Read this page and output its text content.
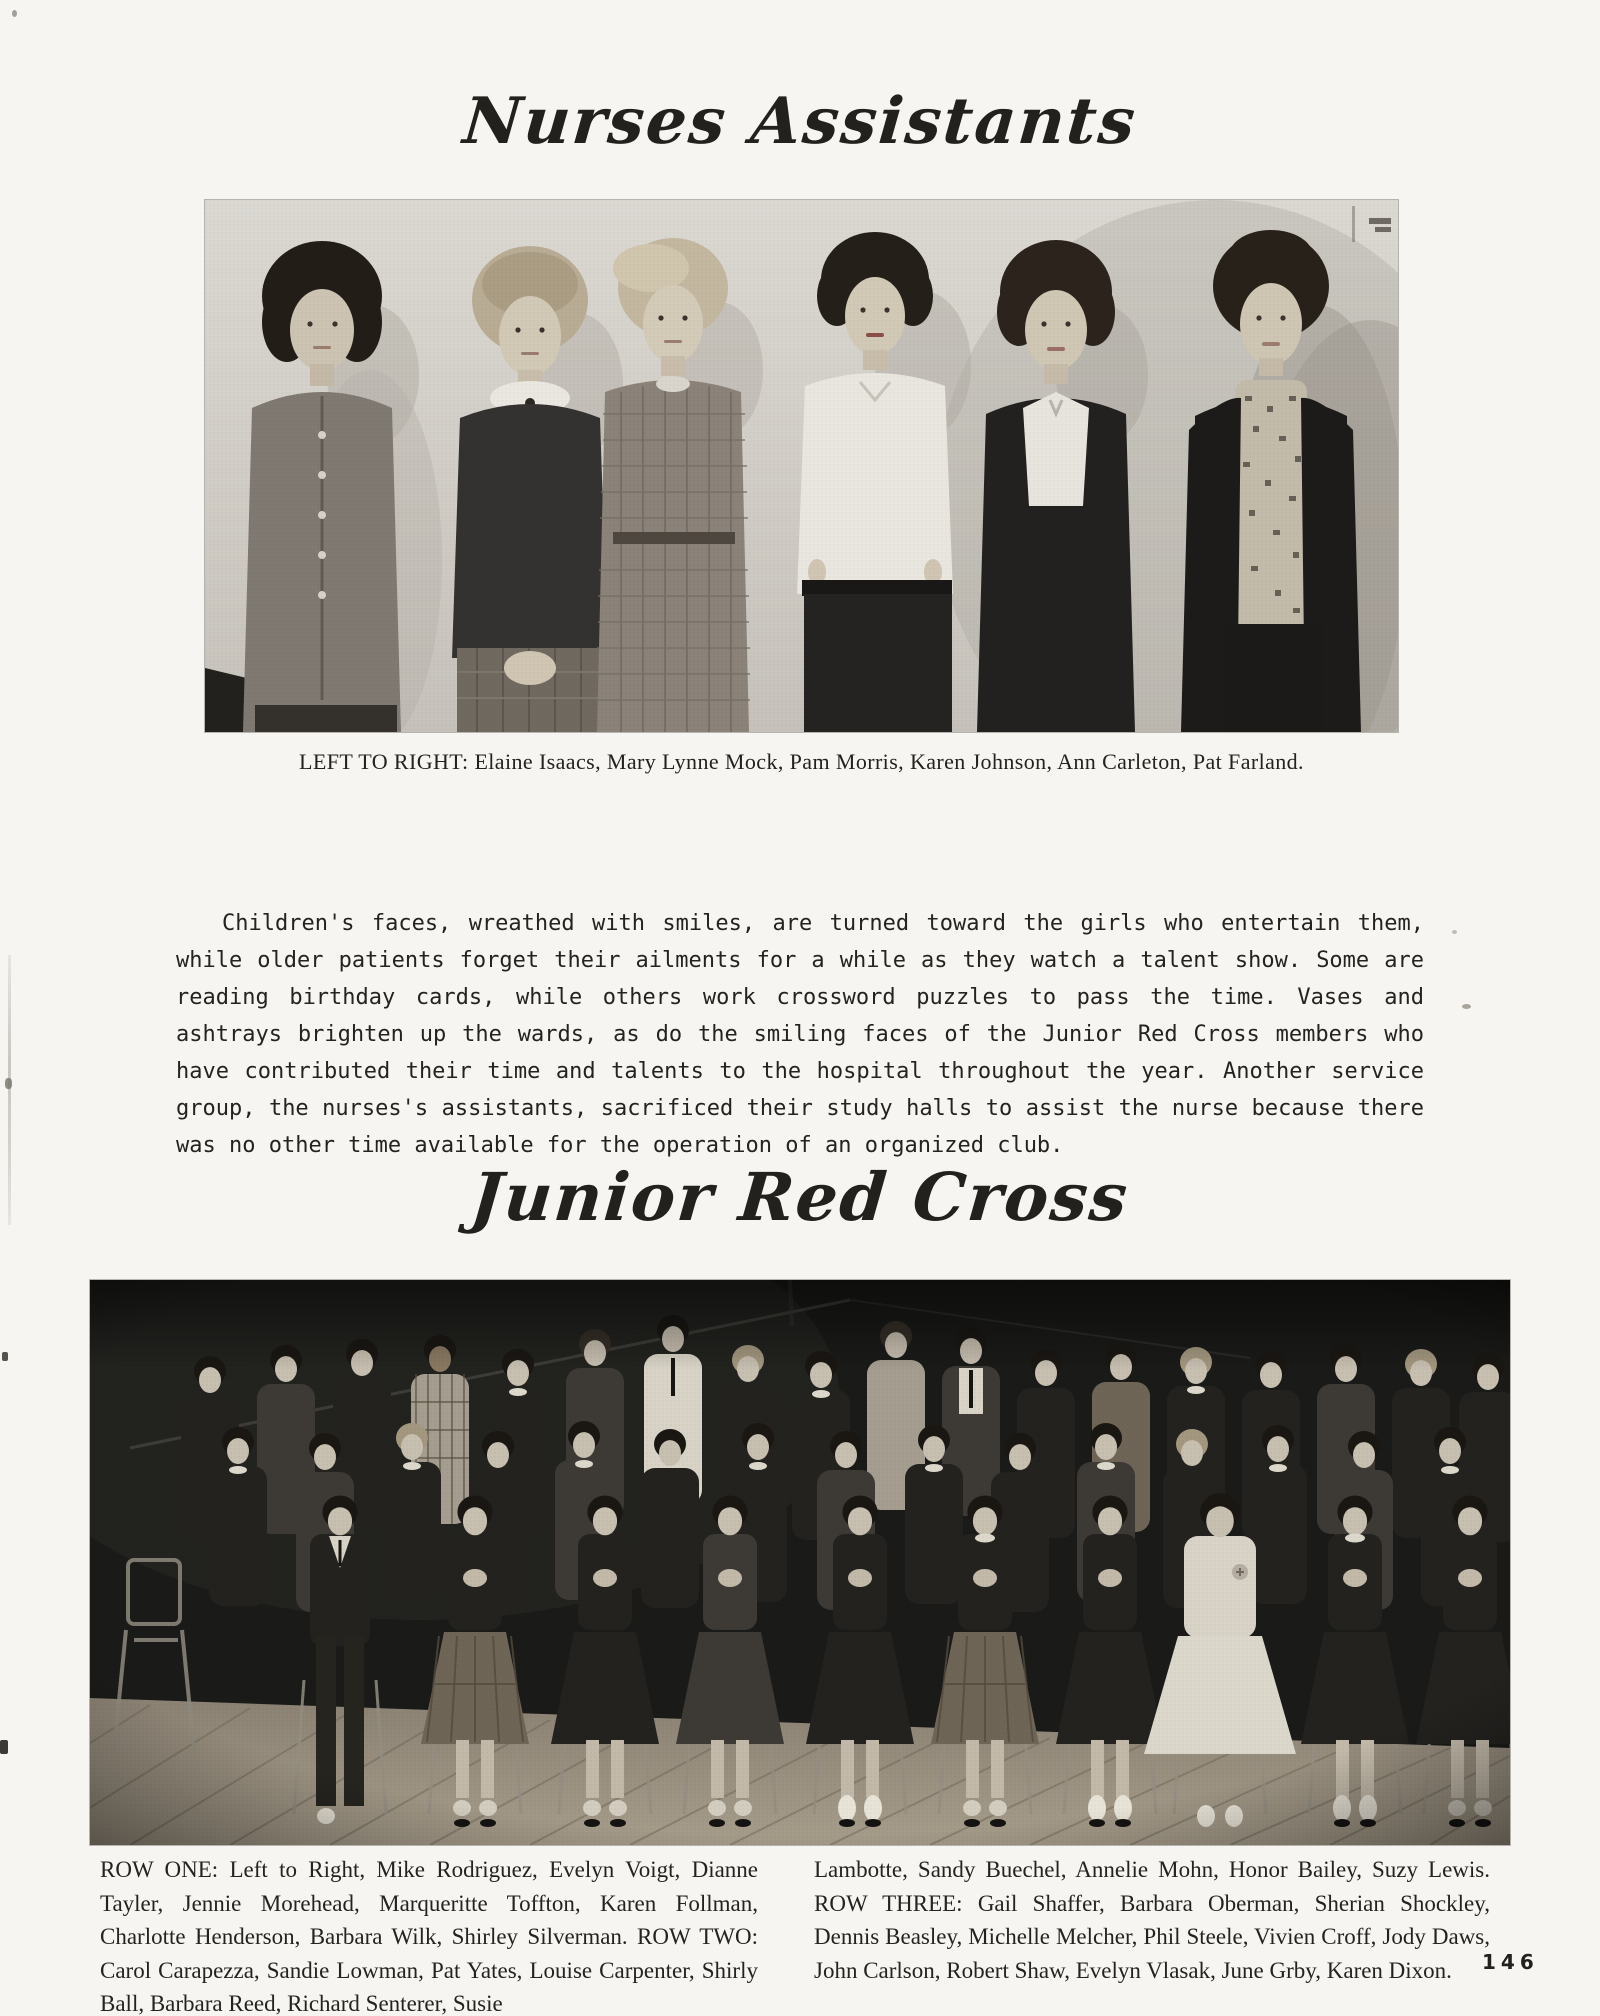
Nurses Assistants
LEFT TO RIGHT: Elaine Isaacs, Mary Lynne Mock, Pam Morris, Karen Johnson, Ann Carleton, Pat Farland.
Children's faces, wreathed with smiles, are turned toward the girls who entertain them, while older patients forget their ailments for a while as they watch a talent show. Some are reading birthday cards, while others work crossword puzzles to pass the time. Vases and ashtrays brighten up the wards, as do the smiling faces of the Junior Red Cross members who have contributed their time and talents to the hospital throughout the year. Another service group, the nurses's assistants, sacrificed their study halls to assist the nurse because there was no other time available for the operation of an organized club.
Junior Red Cross
ROW ONE: Left to Right, Mike Rodriguez, Evelyn Voigt, Dianne Tayler, Jennie Morehead, Marqueritte Toffton, Karen Follman, Charlotte Henderson, Barbara Wilk, Shirley Silverman. ROW TWO: Carol Carapezza, Sandie Lowman, Pat Yates, Louise Carpenter, Shirly Ball, Barbara Reed, Richard Senterer, Susie
Lambotte, Sandy Buechel, Annelie Mohn, Honor Bailey, Suzy Lewis. ROW THREE: Gail Shaffer, Barbara Oberman, Sherian Shockley, Dennis Beasley, Michelle Melcher, Phil Steele, Vivien Croff, Jody Daws, John Carlson, Robert Shaw, Evelyn Vlasak, June Grby, Karen Dixon.	146
